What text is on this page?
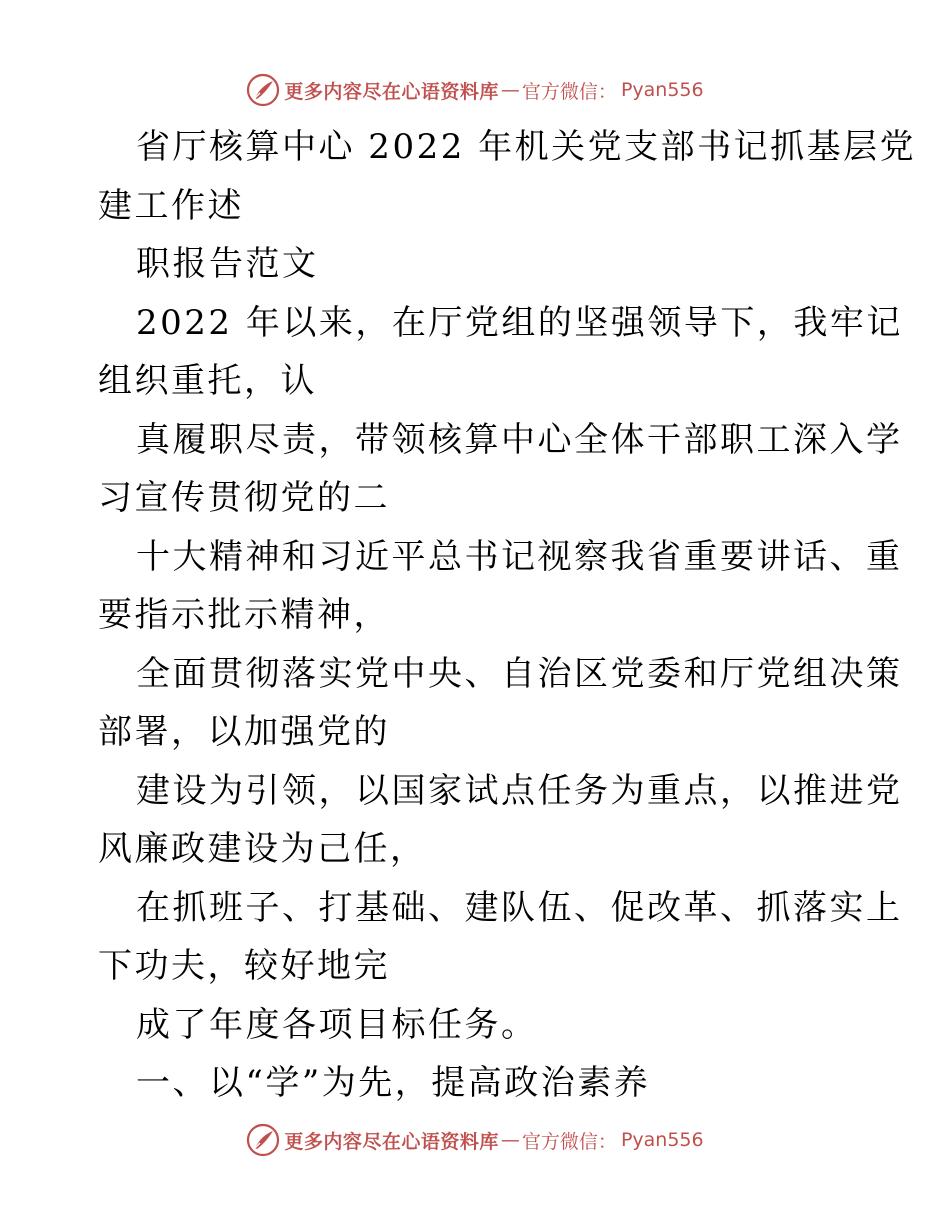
更多内容尽在心语资料库 — 官方微信： Pyan556
省厅核算中心 2022 年机关党支部书记抓基层党
建工作述
职报告范文
2022 年以来，在厅党组的坚强领导下，我牢记
组织重托，认
真履职尽责，带领核算中心全体干部职工深入学
习宣传贯彻党的二
十大精神和习近平总书记视察我省重要讲话、重
要指示批示精神，
全面贯彻落实党中央、自治区党委和厅党组决策
部署，以加强党的
建设为引领，以国家试点任务为重点，以推进党
风廉政建设为己任，
在抓班子、打基础、建队伍、促改革、抓落实上
下功夫，较好地完
成了年度各项目标任务。
一、以“学”为先，提高政治素养
更多内容尽在心语资料库 — 官方微信： Pyan556
